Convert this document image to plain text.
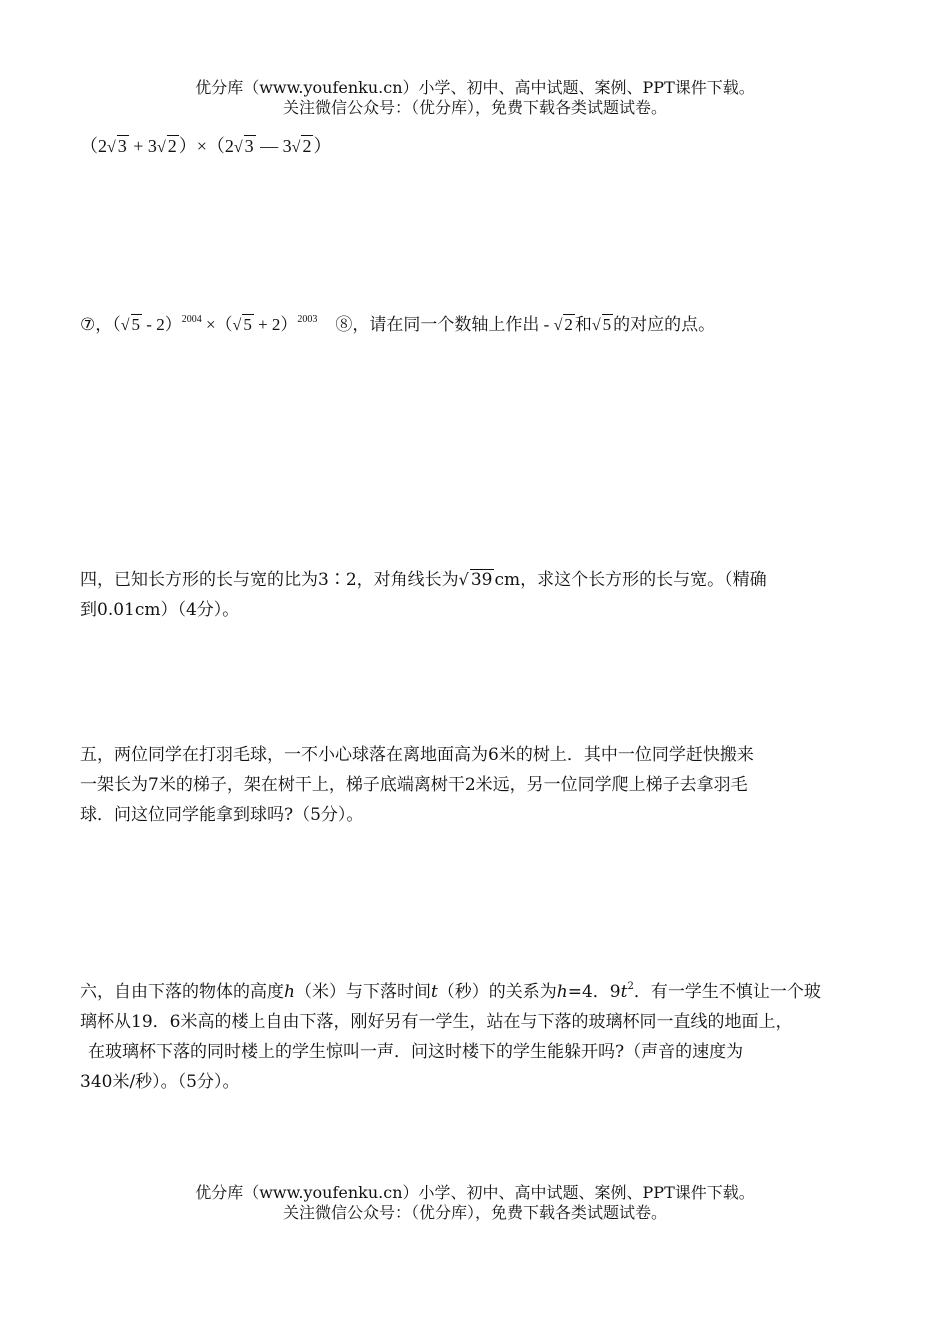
优分库（www.youfenku.cn）小学、初中、高中试题、案例、PPT课件下载。
关注微信公众号：（优分库），免费下载各类试题试卷。
（2√ 3 + 3√ 2 ）×（2√ 3 — 3√ 2 ）
⑦，（√ 5 - 2）$^{2004}$ ×（√ 5 + 2）$^{2003}$ ⑧，请在同一个数轴上作出 - √ 2 和√ 5 的对应的点。
四，已知长方形的长与宽的比为3∶2，对角线长为√ 39 cm，求这个长方形的长与宽。（精确
到0.01cm）（4分）。
五，两位同学在打羽毛球，一不小心球落在离地面高为6米的树上．其中一位同学赶快搬来
一架长为7米的梯子，架在树干上，梯子底端离树干2米远，另一位同学爬上梯子去拿羽毛
球．问这位同学能拿到球吗?（5分）。
六，自由下落的物体的高度h（米）与下落时间t（秒）的关系为h=4．$9t^2$．有一学生不慎让一个玻
璃杯从19．6米高的楼上自由下落，刚好另有一学生，站在与下落的玻璃杯同一直线的地面上，
在玻璃杯下落的同时楼上的学生惊叫一声．问这时楼下的学生能躲开吗?（声音的速度为
340米/秒）。（5分）。
优分库（www.youfenku.cn）小学、初中、高中试题、案例、PPT课件下载。
关注微信公众号：（优分库），免费下载各类试题试卷。
